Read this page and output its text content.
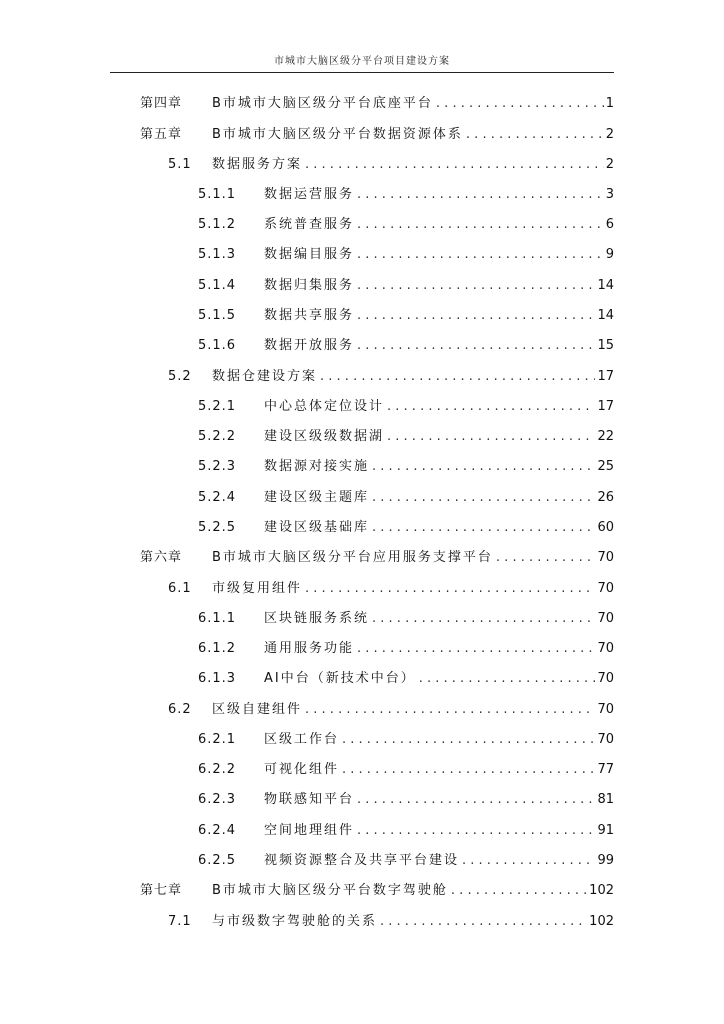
市城市大脑区级分平台项目建设方案
第四章	B市城市大脑区级分平台底座平台 . . .	1
第五章	B市城市大脑区级分平台数据资源体系 . . .	2
5.1	数据服务方案 . . .	2
5.1.1	数据运营服务 . . .	3
5.1.2	系统普查服务 . . .	6
5.1.3	数据编目服务 . . .	9
5.1.4	数据归集服务 . . .	14
5.1.5	数据共享服务 . . .	14
5.1.6	数据开放服务 . . .	15
5.2	数据仓建设方案 . . .	17
5.2.1	中心总体定位设计 . . .	17
5.2.2	建设区级级数据湖 . . .	22
5.2.3	数据源对接实施 . . .	25
5.2.4	建设区级主题库 . . .	26
5.2.5	建设区级基础库 . . .	60
第六章	B市城市大脑区级分平台应用服务支撑平台 . . .	70
6.1	市级复用组件 . . .	70
6.1.1	区块链服务系统 . . .	70
6.1.2	通用服务功能 . . .	70
6.1.3	AI中台（新技术中台） . . .	70
6.2	区级自建组件 . . .	70
6.2.1	区级工作台 . . .	70
6.2.2	可视化组件 . . .	77
6.2.3	物联感知平台 . . .	81
6.2.4	空间地理组件 . . .	91
6.2.5	视频资源整合及共享平台建设 . . .	99
第七章	B市城市大脑区级分平台数字驾驶舱 . . .	102
7.1	与市级数字驾驶舱的关系 . . .	102
